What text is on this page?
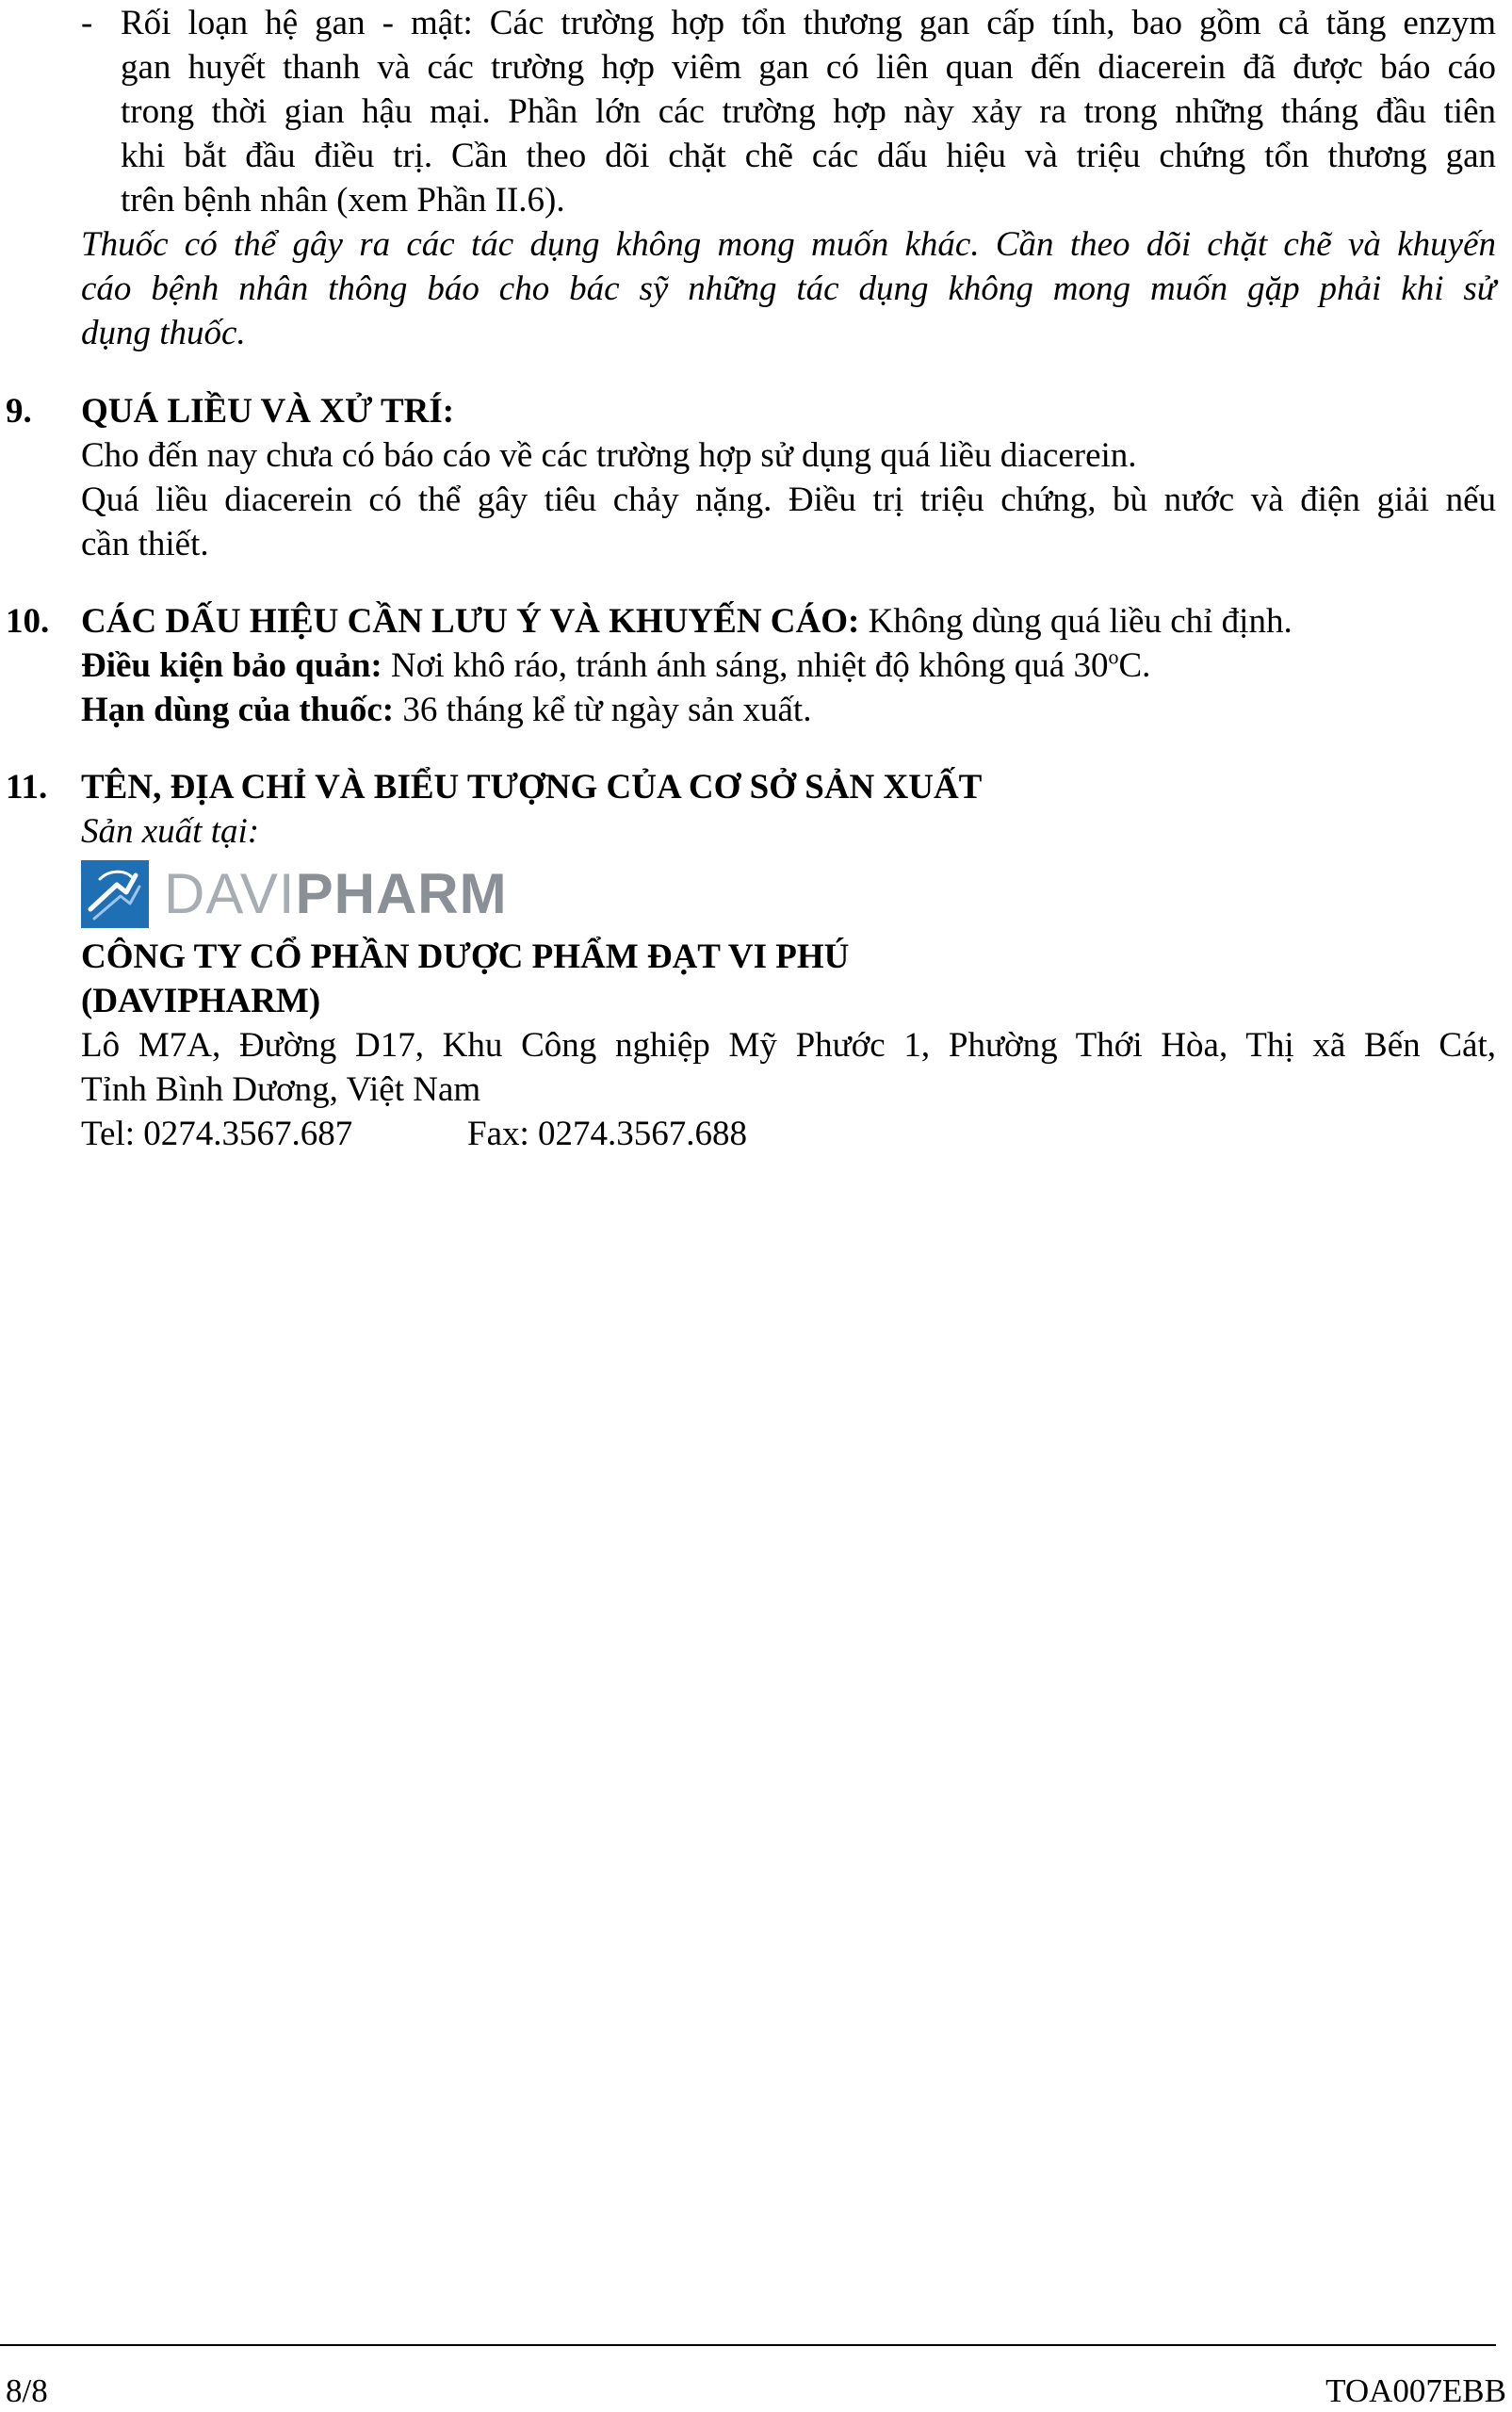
- Rối loạn hệ gan - mật: Các trường hợp tổn thương gan cấp tính, bao gồm cả tăng enzym
gan huyết thanh và các trường hợp viêm gan có liên quan đến diacerein đã được báo cáo
trong thời gian hậu mại. Phần lớn các trường hợp này xảy ra trong những tháng đầu tiên
khi bắt đầu điều trị. Cần theo dõi chặt chẽ các dấu hiệu và triệu chứng tổn thương gan
trên bệnh nhân (xem Phần II.6).
Thuốc có thể gây ra các tác dụng không mong muốn khác. Cần theo dõi chặt chẽ và khuyến
cáo bệnh nhân thông báo cho bác sỹ những tác dụng không mong muốn gặp phải khi sử
dụng thuốc.
9. QUÁ LIỀU VÀ XỬ TRÍ:
Cho đến nay chưa có báo cáo về các trường hợp sử dụng quá liều diacerein.
Quá liều diacerein có thể gây tiêu chảy nặng. Điều trị triệu chứng, bù nước và điện giải nếu
cần thiết.
10. CÁC DẤU HIỆU CẦN LƯU Ý VÀ KHUYẾN CÁO: Không dùng quá liều chỉ định.
Điều kiện bảo quản: Nơi khô ráo, tránh ánh sáng, nhiệt độ không quá 30$^o$C.
Hạn dùng của thuốc: 36 tháng kể từ ngày sản xuất.
11. TÊN, ĐỊA CHỈ VÀ BIỂU TƯỢNG CỦA CƠ SỞ SẢN XUẤT
Sản xuất tại:
DAVIPHARM
CÔNG TY CỔ PHẦN DƯỢC PHẨM ĐẠT VI PHÚ
(DAVIPHARM)
Lô M7A, Đường D17, Khu Công nghiệp Mỹ Phước 1, Phường Thới Hòa, Thị xã Bến Cát,
Tỉnh Bình Dương, Việt Nam
Tel: 0274.3567.687	Fax: 0274.3567.688
8/8	TOA007EBB
